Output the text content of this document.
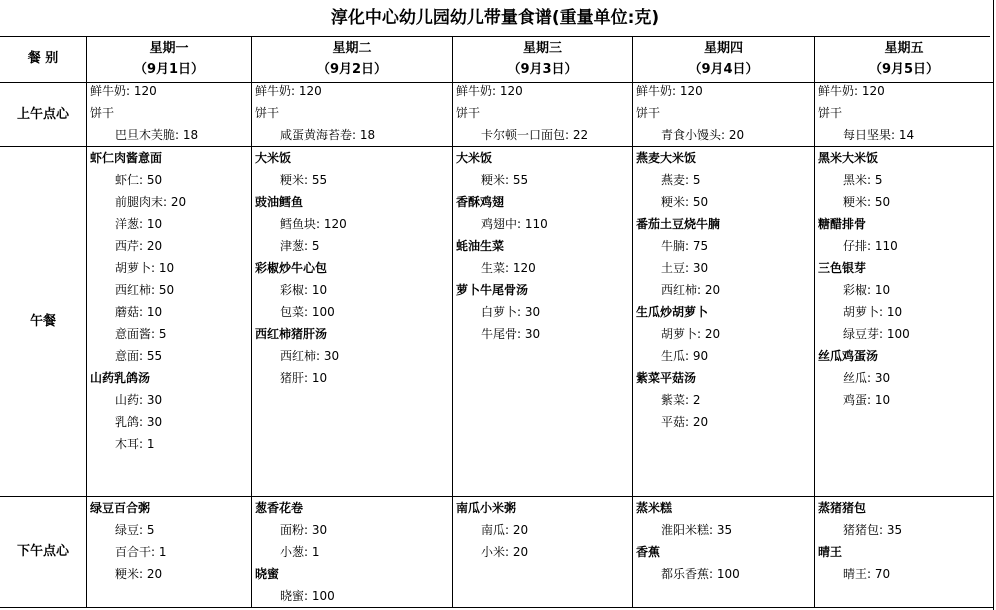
淳化中心幼儿园幼儿带量食谱(重量单位:克)
餐 别
星期一
（9月1日）
星期二
（9月2日）
星期三
（9月3日）
星期四
（9月4日）
星期五
（9月5日）
上午点心
午餐
下午点心
鲜牛奶: 120
饼干
巴旦木芙脆: 18
鲜牛奶: 120
饼干
咸蛋黄海苔卷: 18
鲜牛奶: 120
饼干
卡尔顿一口面包: 22
鲜牛奶: 120
饼干
青食小馒头: 20
鲜牛奶: 120
饼干
每日坚果: 14
虾仁肉酱意面
虾仁: 50
前腿肉末: 20
洋葱: 10
西芹: 20
胡萝卜: 10
西红柿: 50
蘑菇: 10
意面酱: 5
意面: 55
山药乳鸽汤
山药: 30
乳鸽: 30
木耳: 1
大米饭
粳米: 55
豉油鳕鱼
鳕鱼块: 120
津葱: 5
彩椒炒牛心包
彩椒: 10
包菜: 100
西红柿猪肝汤
西红柿: 30
猪肝: 10
大米饭
粳米: 55
香酥鸡翅
鸡翅中: 110
蚝油生菜
生菜: 120
萝卜牛尾骨汤
白萝卜: 30
牛尾骨: 30
燕麦大米饭
燕麦: 5
粳米: 50
番茄土豆烧牛腩
牛腩: 75
土豆: 30
西红柿: 20
生瓜炒胡萝卜
胡萝卜: 20
生瓜: 90
紫菜平菇汤
紫菜: 2
平菇: 20
黑米大米饭
黑米: 5
粳米: 50
糖醋排骨
仔排: 110
三色银芽
彩椒: 10
胡萝卜: 10
绿豆芽: 100
丝瓜鸡蛋汤
丝瓜: 30
鸡蛋: 10
绿豆百合粥
绿豆: 5
百合干: 1
粳米: 20
葱香花卷
面粉: 30
小葱: 1
晓蜜
晓蜜: 100
南瓜小米粥
南瓜: 20
小米: 20
蒸米糕
淮阳米糕: 35
香蕉
都乐香蕉: 100
蒸猪猪包
猪猪包: 35
晴王
晴王: 70
